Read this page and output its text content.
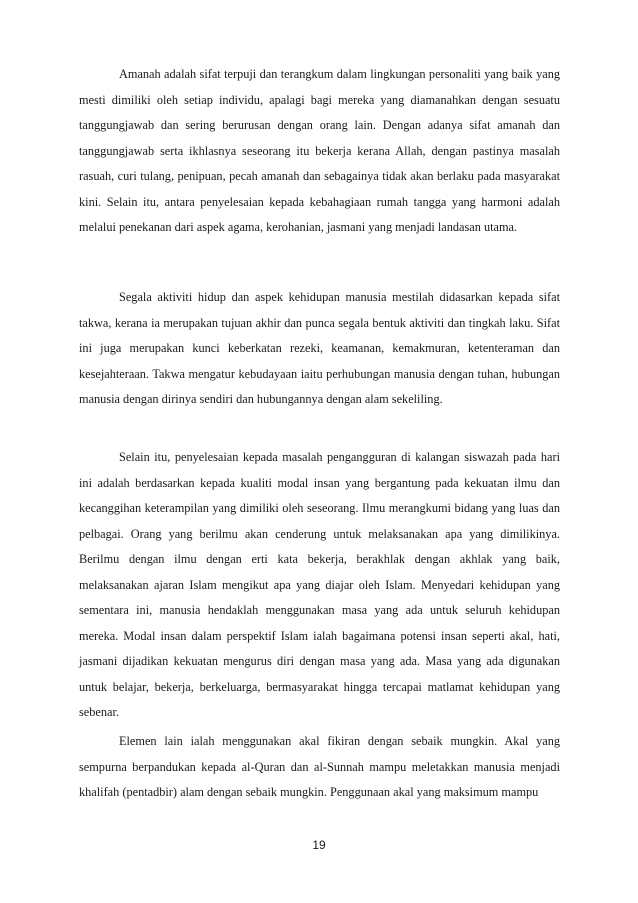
Amanah adalah sifat terpuji dan terangkum dalam lingkungan personaliti yang baik yang mesti dimiliki oleh setiap individu, apalagi bagi mereka yang diamanahkan dengan sesuatu tanggungjawab dan sering berurusan dengan orang lain. Dengan adanya sifat amanah dan tanggungjawab serta ikhlasnya seseorang itu bekerja kerana Allah, dengan pastinya masalah rasuah, curi tulang, penipuan, pecah amanah dan sebagainya tidak akan berlaku pada masyarakat kini. Selain itu, antara penyelesaian kepada kebahagiaan rumah tangga yang harmoni adalah melalui penekanan dari aspek agama, kerohanian, jasmani yang menjadi landasan utama.

Segala aktiviti hidup dan aspek kehidupan manusia mestilah didasarkan kepada sifat takwa, kerana ia merupakan tujuan akhir dan punca segala bentuk aktiviti dan tingkah laku. Sifat ini juga merupakan kunci keberkatan rezeki, keamanan, kemakmuran, ketenteraman dan kesejahteraan. Takwa mengatur kebudayaan iaitu perhubungan manusia dengan tuhan, hubungan manusia dengan dirinya sendiri dan hubungannya dengan alam sekeliling.

Selain itu, penyelesaian kepada masalah pengangguran di kalangan siswazah pada hari ini adalah berdasarkan kepada kualiti modal insan yang bergantung pada kekuatan ilmu dan kecanggihan keterampilan yang dimiliki oleh seseorang. Ilmu merangkumi bidang yang luas dan pelbagai. Orang yang berilmu akan cenderung untuk melaksanakan apa yang dimilikinya. Berilmu dengan ilmu dengan erti kata bekerja, berakhlak dengan akhlak yang baik, melaksanakan ajaran Islam mengikut apa yang diajar oleh Islam. Menyedari kehidupan yang sementara ini, manusia hendaklah menggunakan masa yang ada untuk seluruh kehidupan mereka. Modal insan dalam perspektif Islam ialah bagaimana potensi insan seperti akal, hati, jasmani dijadikan kekuatan mengurus diri dengan masa yang ada. Masa yang ada digunakan untuk belajar, bekerja, berkeluarga, bermasyarakat hingga tercapai matlamat kehidupan yang sebenar.

Elemen lain ialah menggunakan akal fikiran dengan sebaik mungkin. Akal yang sempurna berpandukan kepada al-Quran dan al-Sunnah mampu meletakkan manusia menjadi khalifah (pentadbir) alam dengan sebaik mungkin. Penggunaan akal yang maksimum mampu

19
